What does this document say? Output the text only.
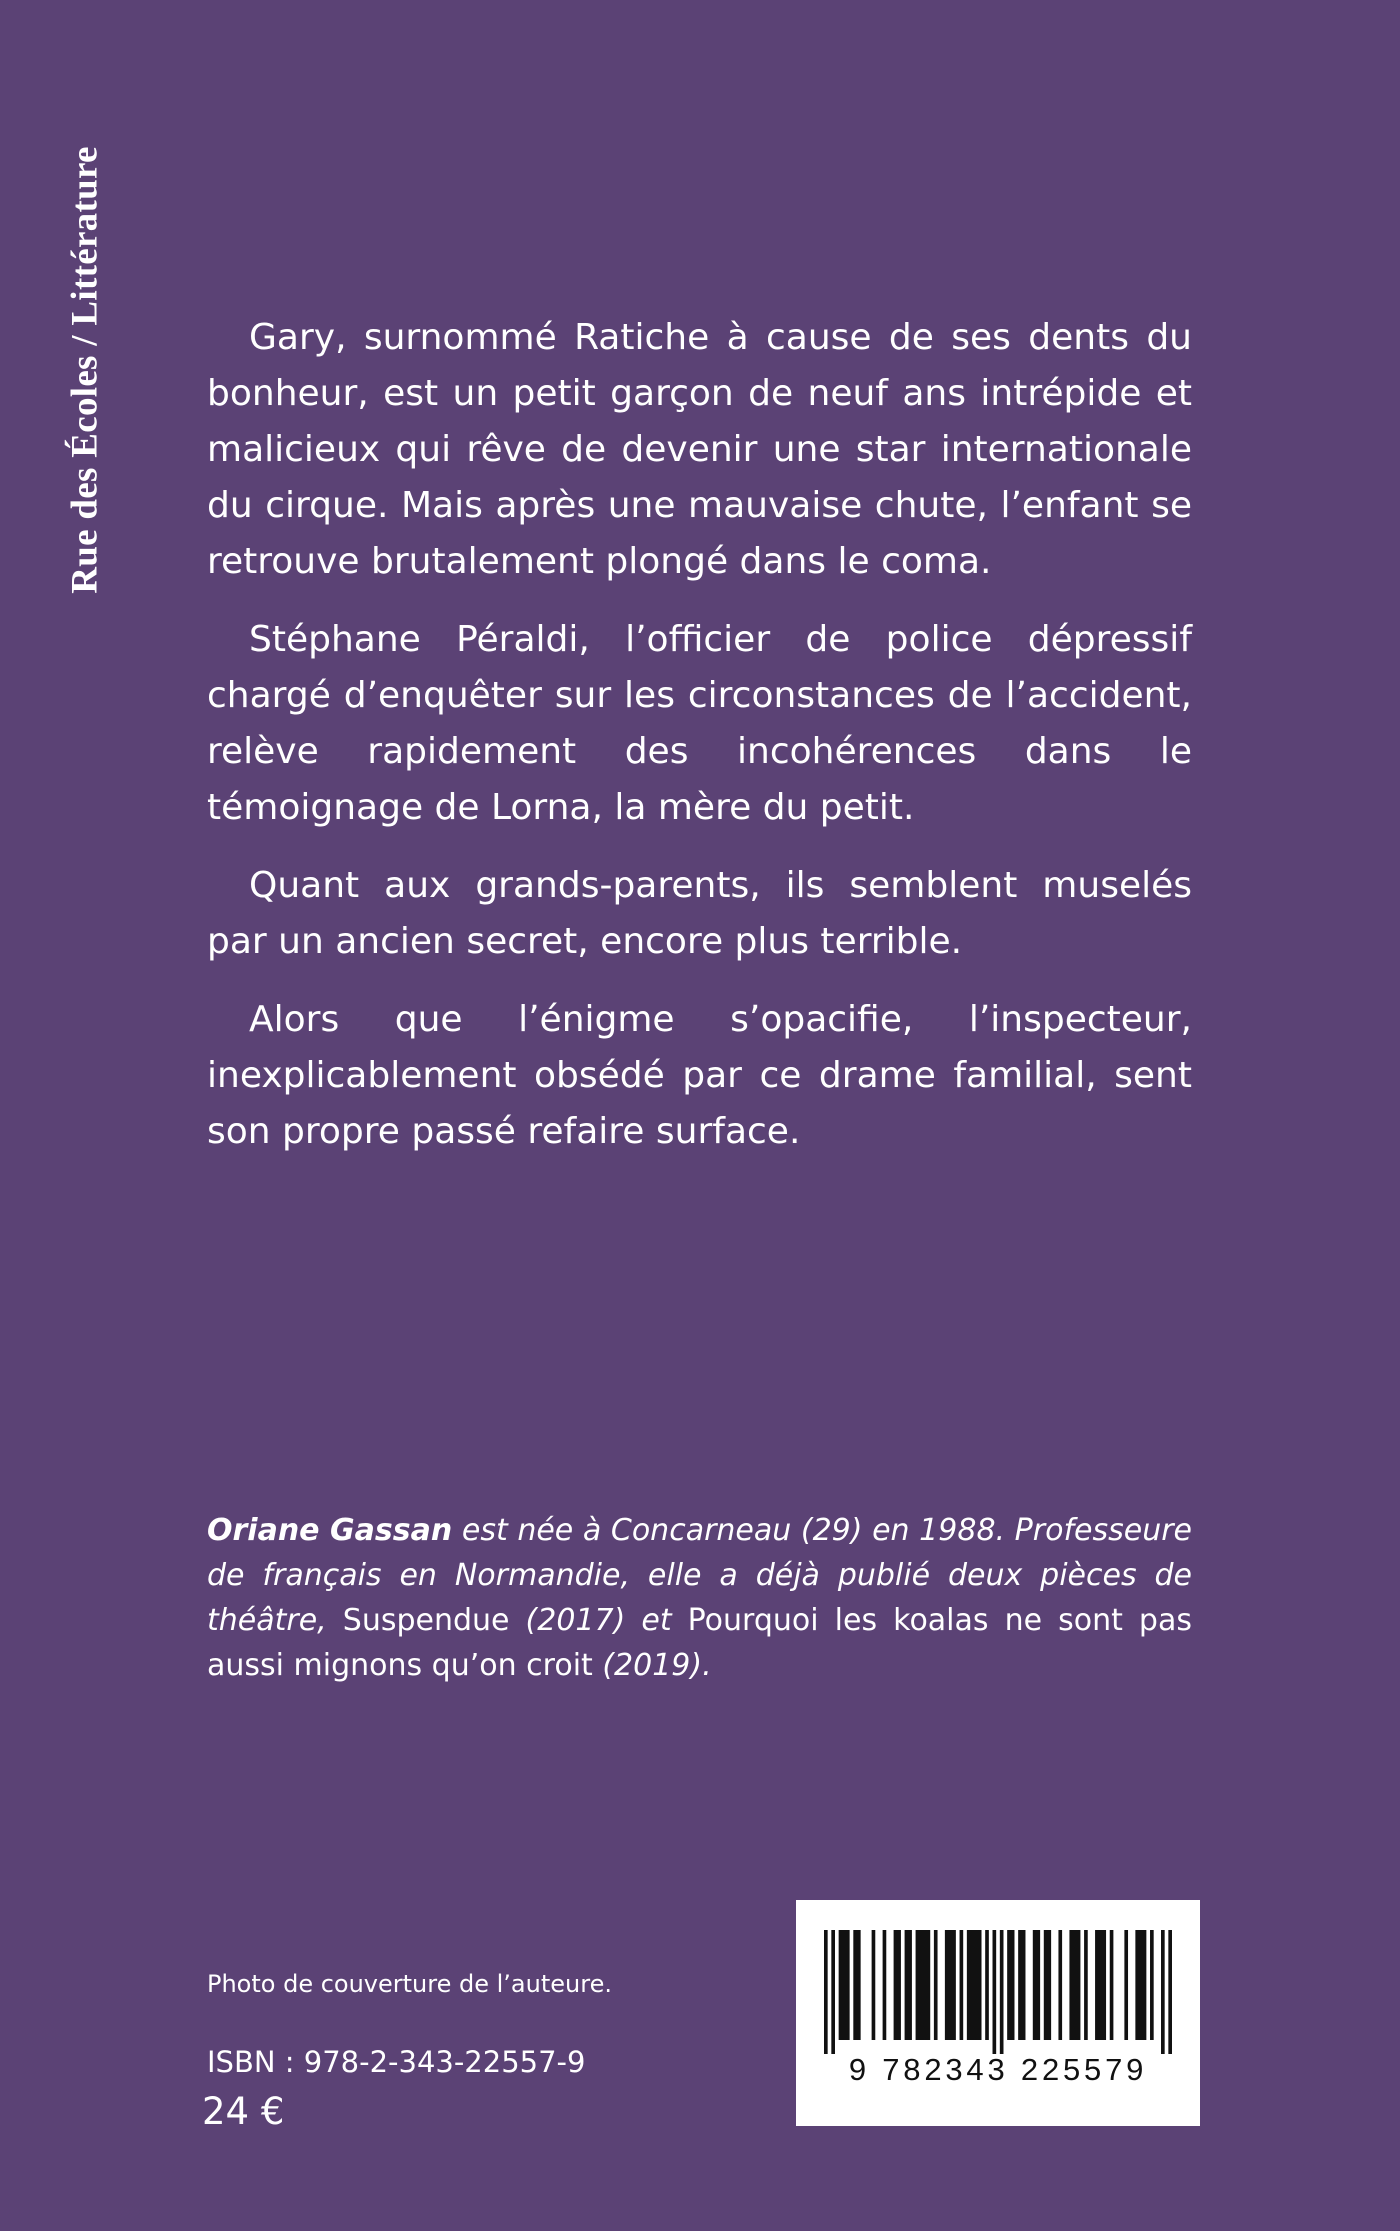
Rue des Écoles / Littérature	Gary, surnommé Ratiche à cause de ses dents du bonheur, est un petit garçon de neuf ans intrépide et malicieux qui rêve de devenir une star internationale du cirque. Mais après une mauvaise chute, l’enfant se retrouve brutalement plongé dans le coma.

Stéphane Péraldi, l’officier de police dépressif chargé d’enquêter sur les circonstances de l’accident, relève rapidement des incohérences dans le témoignage de Lorna, la mère du petit.

Quant aux grands-parents, ils semblent muselés par un ancien secret, encore plus terrible.

Alors que l’énigme s’opacifie, l’inspecteur, inexplicablement obsédé par ce drame familial, sent son propre passé refaire surface.

Oriane Gassan est née à Concarneau (29) en 1988. Professeure de français en Normandie, elle a déjà publié deux pièces de théâtre, Suspendue (2017) et Pourquoi les koalas ne sont pas aussi mignons qu’on croit (2019).
Photo de couverture de l’auteure.
ISBN : 978-2-343-22557-9
24 €
9 782343 225579
